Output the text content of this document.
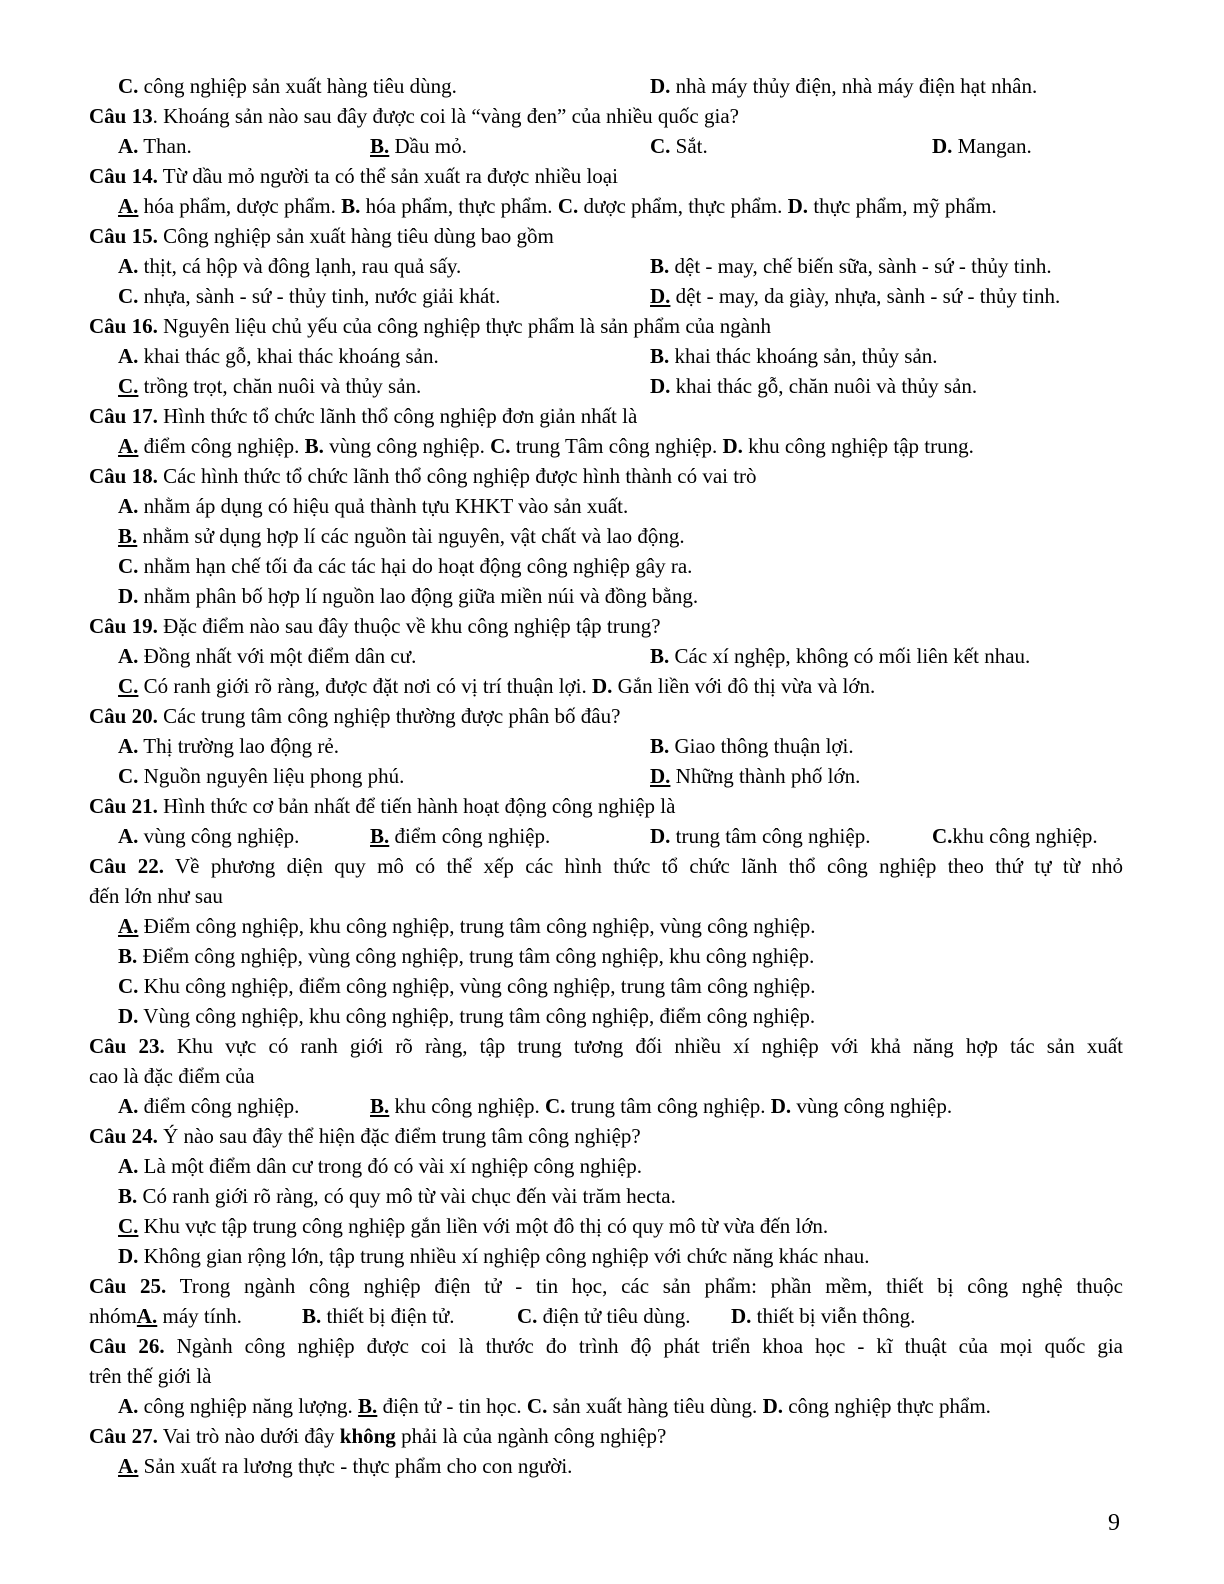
C. công nghiệp sản xuất hàng tiêu dùng.	D. nhà máy thủy điện, nhà máy điện hạt nhân.
Câu 13. Khoáng sản nào sau đây được coi là “vàng đen” của nhiều quốc gia?
A. Than.	B. Dầu mỏ.	C. Sắt.	D. Mangan.
Câu 14. Từ dầu mỏ người ta có thể sản xuất ra được nhiều loại
A. hóa phẩm, dược phẩm. B. hóa phẩm, thực phẩm. C. dược phẩm, thực phẩm. D. thực phẩm, mỹ phẩm.
Câu 15. Công nghiệp sản xuất hàng tiêu dùng bao gồm
A. thịt, cá hộp và đông lạnh, rau quả sấy.	B. dệt - may, chế biến sữa, sành - sứ - thủy tinh.
C. nhựa, sành - sứ - thủy tinh, nước giải khát.	D. dệt - may, da giày, nhựa, sành - sứ - thủy tinh.
Câu 16. Nguyên liệu chủ yếu của công nghiệp thực phẩm là sản phẩm của ngành
A. khai thác gỗ, khai thác khoáng sản.	B. khai thác khoáng sản, thủy sản.
C. trồng trọt, chăn nuôi và thủy sản.	D. khai thác gỗ, chăn nuôi và thủy sản.
Câu 17. Hình thức tổ chức lãnh thổ công nghiệp đơn giản nhất là
A. điểm công nghiệp. B. vùng công nghiệp. C. trung Tâm công nghiệp. D. khu công nghiệp tập trung.
Câu 18. Các hình thức tổ chức lãnh thổ công nghiệp được hình thành có vai trò
A. nhằm áp dụng có hiệu quả thành tựu KHKT vào sản xuất.
B. nhằm sử dụng hợp lí các nguồn tài nguyên, vật chất và lao động.
C. nhằm hạn chế tối đa các tác hại do hoạt động công nghiệp gây ra.
D. nhằm phân bố hợp lí nguồn lao động giữa miền núi và đồng bằng.
Câu 19. Đặc điểm nào sau đây thuộc về khu công nghiệp tập trung?
A. Đồng nhất với một điểm dân cư.	B. Các xí nghệp, không có mối liên kết nhau.
C. Có ranh giới rõ ràng, được đặt nơi có vị trí thuận lợi. D. Gắn liền với đô thị vừa và lớn.
Câu 20. Các trung tâm công nghiệp thường được phân bố đâu?
A. Thị trường lao động rẻ.	B. Giao thông thuận lợi.
C. Nguồn nguyên liệu phong phú.	D. Những thành phố lớn.
Câu 21. Hình thức cơ bản nhất để tiến hành hoạt động công nghiệp là
A. vùng công nghiệp.	B. điểm công nghiệp.	D. trung tâm công nghiệp.	C.khu công nghiệp.
Câu 22. Về phương diện quy mô có thể xếp các hình thức tổ chức lãnh thổ công nghiệp theo thứ tự từ nhỏ
đến lớn như sau
A. Điểm công nghiệp, khu công nghiệp, trung tâm công nghiệp, vùng công nghiệp.
B. Điểm công nghiệp, vùng công nghiệp, trung tâm công nghiệp, khu công nghiệp.
C. Khu công nghiệp, điểm công nghiệp, vùng công nghiệp, trung tâm công nghiệp.
D. Vùng công nghiệp, khu công nghiệp, trung tâm công nghiệp, điểm công nghiệp.
Câu 23. Khu vực có ranh giới rõ ràng, tập trung tương đối nhiều xí nghiệp với khả năng hợp tác sản xuất
cao là đặc điểm của
A. điểm công nghiệp.	B. khu công nghiệp. C. trung tâm công nghiệp. D. vùng công nghiệp.
Câu 24. Ý nào sau đây thể hiện đặc điểm trung tâm công nghiệp?
A. Là một điểm dân cư trong đó có vài xí nghiệp công nghiệp.
B. Có ranh giới rõ ràng, có quy mô từ vài chục đến vài trăm hecta.
C. Khu vực tập trung công nghiệp gắn liền với một đô thị có quy mô từ vừa đến lớn.
D. Không gian rộng lớn, tập trung nhiều xí nghiệp công nghiệp với chức năng khác nhau.
Câu 25. Trong ngành công nghiệp điện tử - tin học, các sản phẩm: phần mềm, thiết bị công nghệ thuộc
nhómA. máy tính.	B. thiết bị điện tử.	C. điện tử tiêu dùng. D. thiết bị viễn thông.
Câu 26. Ngành công nghiệp được coi là thước đo trình độ phát triển khoa học - kĩ thuật của mọi quốc gia
trên thế giới là
A. công nghiệp năng lượng. B. điện tử - tin học. C. sản xuất hàng tiêu dùng. D. công nghiệp thực phẩm.
Câu 27. Vai trò nào dưới đây không phải là của ngành công nghiệp?
A. Sản xuất ra lương thực - thực phẩm cho con người.
9
